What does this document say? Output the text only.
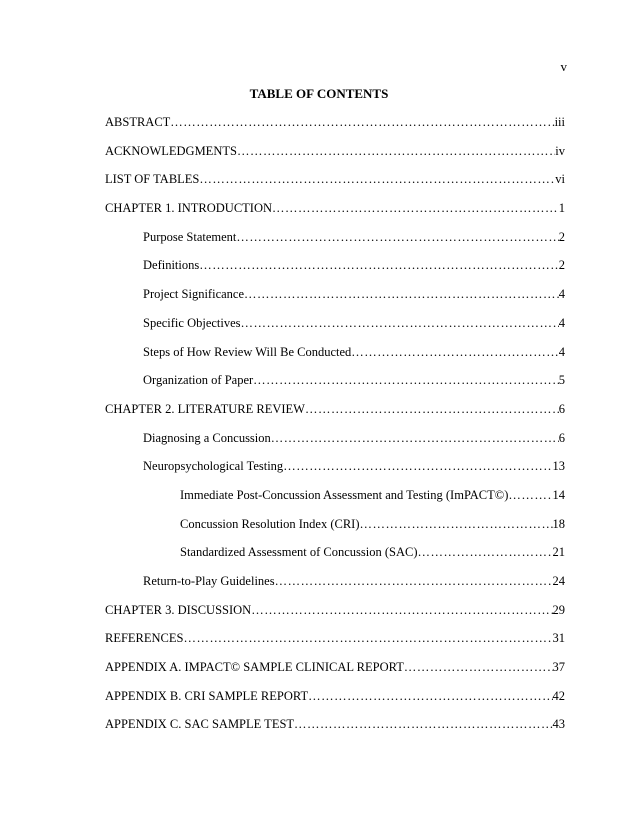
v
TABLE OF CONTENTS
ABSTRACT ………………………………………………………………………………………………………………………………	iii
ACKNOWLEDGMENTS ………………………………………………………………………………………………………………………………	iv
LIST OF TABLES ………………………………………………………………………………………………………………………………	vi
CHAPTER 1. INTRODUCTION ………………………………………………………………………………………………………………………………	1
Purpose Statement ………………………………………………………………………………………………………………………………	2
Definitions ………………………………………………………………………………………………………………………………	2
Project Significance ………………………………………………………………………………………………………………………………	4
Specific Objectives ………………………………………………………………………………………………………………………………	4
Steps of How Review Will Be Conducted ………………………………………………………………………………………………………………………………	4
Organization of Paper ………………………………………………………………………………………………………………………………	5
CHAPTER 2. LITERATURE REVIEW ………………………………………………………………………………………………………………………………	6
Diagnosing a Concussion ………………………………………………………………………………………………………………………………	6
Neuropsychological Testing ………………………………………………………………………………………………………………………………	13
Immediate Post-Concussion Assessment and Testing (ImPACT©) ………………………………………………………………………………………………………………………………	14
Concussion Resolution Index (CRI) ………………………………………………………………………………………………………………………………	18
Standardized Assessment of Concussion (SAC) ………………………………………………………………………………………………………………………………	21
Return-to-Play Guidelines ………………………………………………………………………………………………………………………………	24
CHAPTER 3. DISCUSSION ………………………………………………………………………………………………………………………………	29
REFERENCES ………………………………………………………………………………………………………………………………	31
APPENDIX A. IMPACT© SAMPLE CLINICAL REPORT ………………………………………………………………………………………………………………………………	37
APPENDIX B. CRI SAMPLE REPORT ………………………………………………………………………………………………………………………………	42
APPENDIX C. SAC SAMPLE TEST ………………………………………………………………………………………………………………………………	43
